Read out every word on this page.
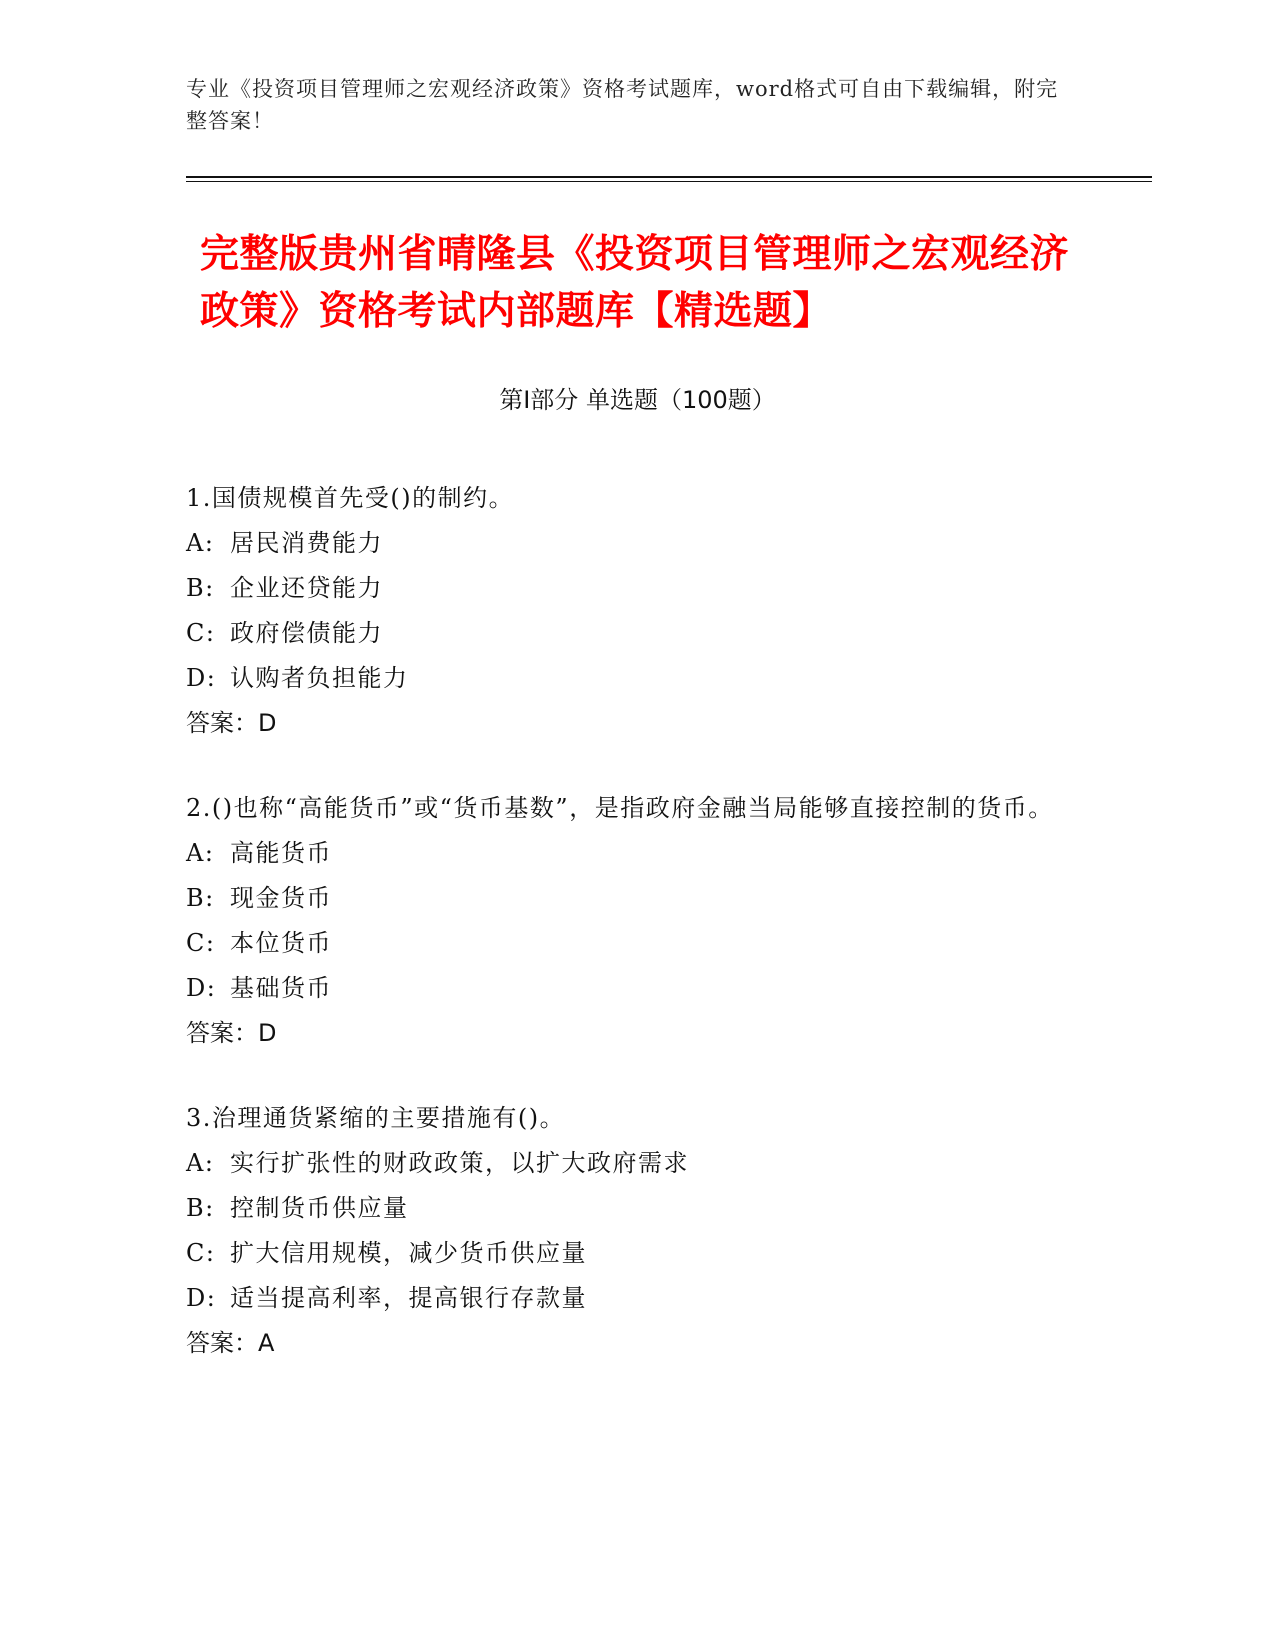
专业《投资项目管理师之宏观经济政策》资格考试题库，word格式可自由下载编辑，附完整答案！
完整版贵州省晴隆县《投资项目管理师之宏观经济政策》资格考试内部题库【精选题】
第I部分 单选题（100题）

1.国债规模首先受()的制约。

A: 居民消费能力

B: 企业还贷能力

C: 政府偿债能力

D: 认购者负担能力

答案：D

2.()也称“高能货币”或“货币基数”，是指政府金融当局能够直接控制的货币。

A: 高能货币

B: 现金货币

C: 本位货币

D: 基础货币

答案：D

3.治理通货紧缩的主要措施有()。

A: 实行扩张性的财政政策，以扩大政府需求

B: 控制货币供应量

C: 扩大信用规模，减少货币供应量

D: 适当提高利率，提高银行存款量

答案：A
